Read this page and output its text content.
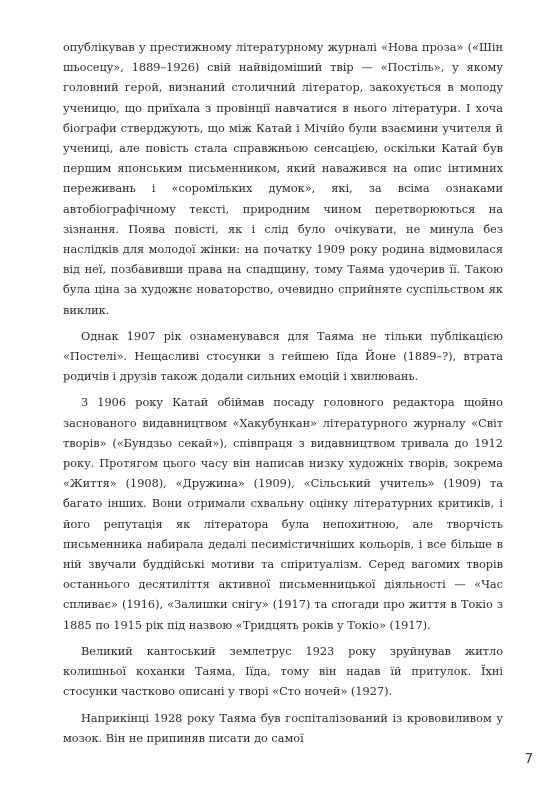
опублікував у престижному літературному журналі «Нова проза» («Шін шьосецу», 1889–1926) свій найвідоміший твір — «Постіль», у якому головний герой, визнаний столичний літератор, закохується в молоду ученицю, що приїхала з провінції навчатися в нього літератури. І хоча біографи стверджують, що між Катай і Мічійо були взаємини учителя й учениці, але повість стала справжньою сенсацією, оскільки Катай був першим японським письменником, який наважився на опис інтимних переживань і «соромільких думок», які, за всіма ознаками автобіографічному тексті, природним чином перетворюються на зізнання. Поява повісті, як і слід було очікувати, не минула без наслідків для молодої жінки: на початку 1909 року родина відмовилася від неї, позбавивши права на спадщину, тому Таяма удочерив її. Такою була ціна за художнє новаторство, очевидно сприйняте суспільством як виклик.

Однак 1907 рік ознаменувався для Таяма не тільки публікацією «Постелі». Нещасливі стосунки з гейшею Іїда Йоне (1889–?), втрата родичів і друзів також додали сильних емоцій і хвилювань.

З 1906 року Катай обіймав посаду головного редактора щойно заснованого видавництвом «Хакубункан» літературного журналу «Світ творів» («Бундзьо секай»), співпраця з видавництвом тривала до 1912 року. Протягом цього часу він написав низку художніх творів, зокрема «Життя» (1908), «Дружина» (1909), «Сільський учитель» (1909) та багато інших. Вони отримали схвальну оцінку літературних критиків, і його репутація як літератора була непохитною, але творчість письменника набирала дедалі песимістичніших кольорів, і все більше в ній звучали буддійські мотиви та спіритуалізм. Серед вагомих творів останнього десятиліття активної письменницької діяльності — «Час спливає» (1916), «Залишки снігу» (1917) та спогади про життя в Токіо з 1885 по 1915 рік під назвою «Тридцять років у Токіо» (1917).

Великий кантоський землетрус 1923 року зруйнував житло колишньої коханки Таяма, Іїда, тому він надав їй притулок. Їхні стосунки частково описані у творі «Сто ночей» (1927).

Наприкінці 1928 року Таяма був госпіталізований із крововиливом у мозок. Він не припиняв писати до самої

7
